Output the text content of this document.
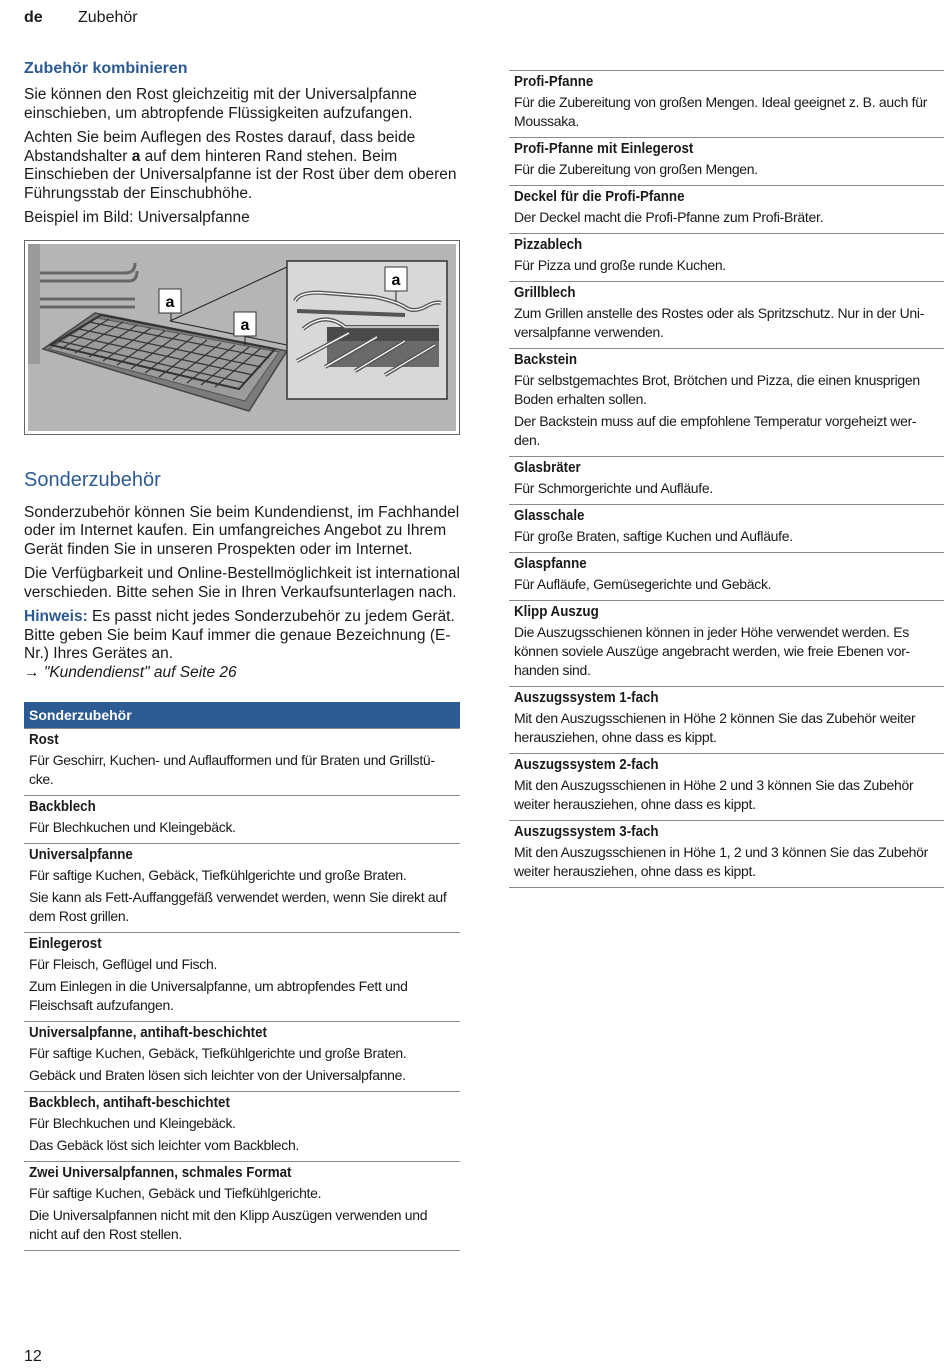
de Zubehör
Zubehör kombinieren

Sie können den Rost gleichzeitig mit der Universalpfanne einschieben, um abtropfende Flüssigkeiten aufzufangen.

Achten Sie beim Auflegen des Rostes darauf, dass beide Abstandshalter a auf dem hinteren Rand stehen. Beim Einschieben der Universalpfanne ist der Rost über dem oberen Führungsstab der Einschubhöhe.

Beispiel im Bild: Universalpfanne

a
a
a
Sonderzubehör

Sonderzubehör können Sie beim Kundendienst, im Fachhandel oder im Internet kaufen. Ein umfangreiches Angebot zu Ihrem Gerät finden Sie in unseren Prospekten oder im Internet.

Die Verfügbarkeit und Online-Bestellmöglichkeit ist international verschieden. Bitte sehen Sie in Ihren Verkaufsunterlagen nach.

Hinweis: Es passt nicht jedes Sonderzubehör zu jedem Gerät. Bitte geben Sie beim Kauf immer die genaue Bezeichnung (E-Nr.) Ihres Gerätes an.

→ "Kundendienst" auf Seite 26

Sonderzubehör
Rost
Für Geschirr, Kuchen- und Auflaufformen und für Braten und Grillstü-cke.
Backblech
Für Blechkuchen und Kleingebäck.
Universalpfanne
Für saftige Kuchen, Gebäck, Tiefkühlgerichte und große Braten.
Sie kann als Fett-Auffanggefäß verwendet werden, wenn Sie direkt auf dem Rost grillen.
Einlegerost
Für Fleisch, Geflügel und Fisch.
Zum Einlegen in die Universalpfanne, um abtropfendes Fett und Fleischsaft aufzufangen.
Universalpfanne, antihaft-beschichtet
Für saftige Kuchen, Gebäck, Tiefkühlgerichte und große Braten.
Gebäck und Braten lösen sich leichter von der Universalpfanne.
Backblech, antihaft-beschichtet
Für Blechkuchen und Kleingebäck.
Das Gebäck löst sich leichter vom Backblech.
Zwei Universalpfannen, schmales Format
Für saftige Kuchen, Gebäck und Tiefkühlgerichte.
Die Universalpfannen nicht mit den Klipp Auszügen verwenden und nicht auf den Rost stellen.
Profi-Pfanne
Für die Zubereitung von großen Mengen. Ideal geeignet z. B. auch für Moussaka.
Profi-Pfanne mit Einlegerost
Für die Zubereitung von großen Mengen.
Deckel für die Profi-Pfanne
Der Deckel macht die Profi-Pfanne zum Profi-Bräter.
Pizzablech
Für Pizza und große runde Kuchen.
Grillblech
Zum Grillen anstelle des Rostes oder als Spritzschutz. Nur in der Uni-versalpfanne verwenden.
Backstein
Für selbstgemachtes Brot, Brötchen und Pizza, die einen knusprigen Boden erhalten sollen.
Der Backstein muss auf die empfohlene Temperatur vorgeheizt wer-den.
Glasbräter
Für Schmorgerichte und Aufläufe.
Glasschale
Für große Braten, saftige Kuchen und Aufläufe.
Glaspfanne
Für Aufläufe, Gemüsegerichte und Gebäck.
Klipp Auszug
Die Auszugsschienen können in jeder Höhe verwendet werden. Es können soviele Auszüge angebracht werden, wie freie Ebenen vor-handen sind.
Auszugssystem 1-fach
Mit den Auszugsschienen in Höhe 2 können Sie das Zubehör weiter herausziehen, ohne dass es kippt.
Auszugssystem 2-fach
Mit den Auszugsschienen in Höhe 2 und 3 können Sie das Zubehör weiter herausziehen, ohne dass es kippt.
Auszugssystem 3-fach
Mit den Auszugsschienen in Höhe 1, 2 und 3 können Sie das Zubehör weiter herausziehen, ohne dass es kippt.
12
